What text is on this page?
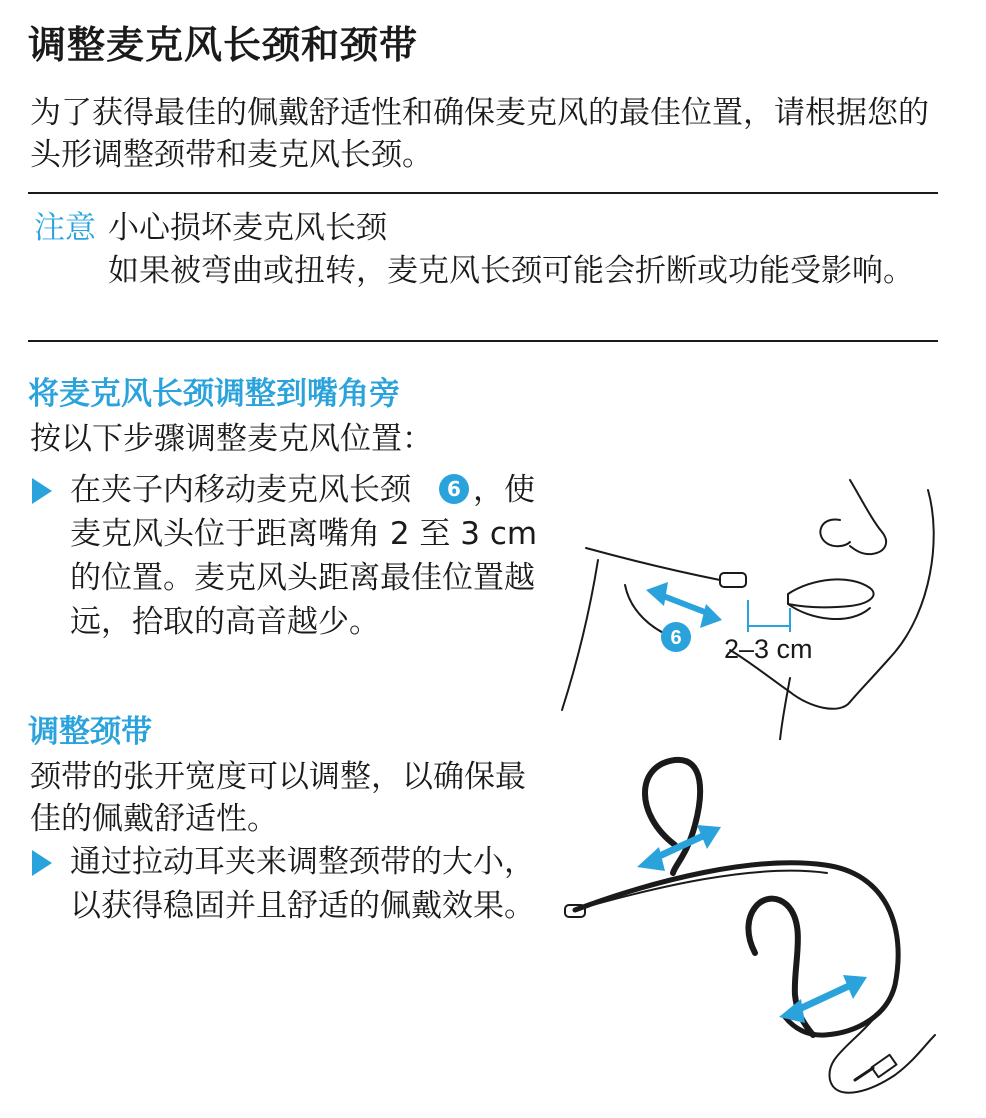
调整麦克风长颈和颈带
为了获得最佳的佩戴舒适性和确保麦克风的最佳位置，请根据您的头形调整颈带和麦克风长颈。
注意 小心损坏麦克风长颈
如果被弯曲或扭转，麦克风长颈可能会折断或功能受影响。
将麦克风长颈调整到嘴角旁
按以下步骤调整麦克风位置：
在夹子内移动麦克风长颈 6 ，使麦克风头位于距离嘴角 2 至 3 cm 的位置。麦克风头距离最佳位置越远，拾取的高音越少。	6 2–3 cm
调整颈带
颈带的张开宽度可以调整，以确保最佳的佩戴舒适性。
通过拉动耳夹来调整颈带的大小，以获得稳固并且舒适的佩戴效果。
